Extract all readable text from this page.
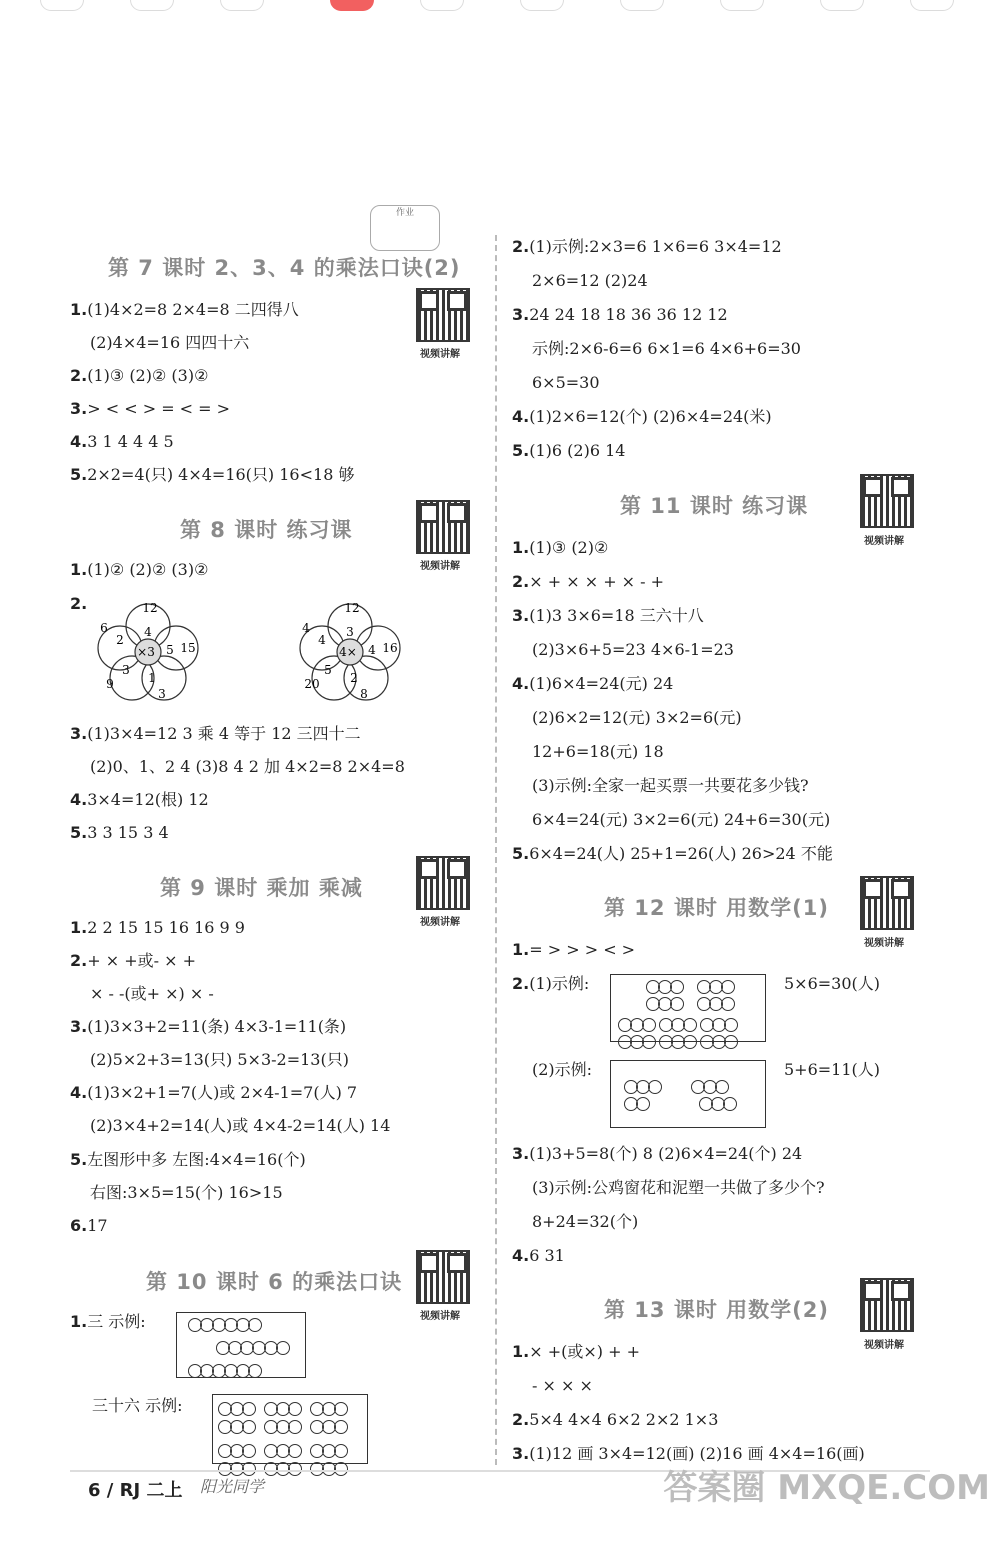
作业
第 7 课时 2、3、4 的乘法口诀(2)
视频讲解
1.(1)4×2=8 2×4=8 二四得八
(2)4×4=16 四四十六
2.(1)③ (2)② (3)②
3.> < < > = < = >
4.3 1 4 4 4 5
5.2×2=4(只) 4×4=16(只) 16<18 够
第 8 课时 练习课
视频讲解
1.(1)② (2)② (3)②
2.
×3
4
5
1
3
2
12
15
3
9
6
4×
3
4
2
5
4
12
16
8
20
4
3.(1)3×4=12 3 乘 4 等于 12 三四十二
(2)0、1、2 4 (3)8 4 2 加 4×2=8 2×4=8
4.3×4=12(根) 12
5.3 3 15 3 4
第 9 课时 乘加 乘减
视频讲解
1.2 2 15 15 16 16 9 9
2.+ × +或- × +
× - -(或+ ×) × -
3.(1)3×3+2=11(条) 4×3-1=11(条)
(2)5×2+3=13(只) 5×3-2=13(只)
4.(1)3×2+1=7(人)或 2×4-1=7(人) 7
(2)3×4+2=14(人)或 4×4-2=14(人) 14
5.左图形中多 左图:4×4=16(个)
右图:3×5=15(个) 16>15
6.17
第 10 课时 6 的乘法口诀
视频讲解
1.三 示例:
三十六 示例:

2.(1)示例:2×3=6 1×6=6 3×4=12
2×6=12 (2)24
3.24 24 18 18 36 36 12 12
示例:2×6-6=6 6×1=6 4×6+6=30
6×5=30
4.(1)2×6=12(个) (2)6×4=24(米)
5.(1)6 (2)6 14
第 11 课时 练习课
视频讲解
1.(1)③ (2)②
2.× + × × + × - +
3.(1)3 3×6=18 三六十八
(2)3×6+5=23 4×6-1=23
4.(1)6×4=24(元) 24
(2)6×2=12(元) 3×2=6(元)
12+6=18(元) 18
(3)示例:全家一起买票一共要花多少钱?
6×4=24(元) 3×2=6(元) 24+6=30(元)
5.6×4=24(人) 25+1=26(人) 26>24 不能
第 12 课时 用数学(1)
视频讲解
1.= > > > < >
2.(1)示例:

	5×6=30(人)
(2)示例:

	5+6=11(人)
3.(1)3+5=8(个) 8 (2)6×4=24(个) 24
(3)示例:公鸡窗花和泥塑一共做了多少个?
8+24=32(个)
4.6 31
第 13 课时 用数学(2)
视频讲解
1.× +(或×) + +
- × × ×
2.5×4 4×4 6×2 2×2 1×3
3.(1)12 画 3×4=12(画) (2)16 画 4×4=16(画)
6 / RJ 二上 阳光同学	答案圈 MXQE.COM
